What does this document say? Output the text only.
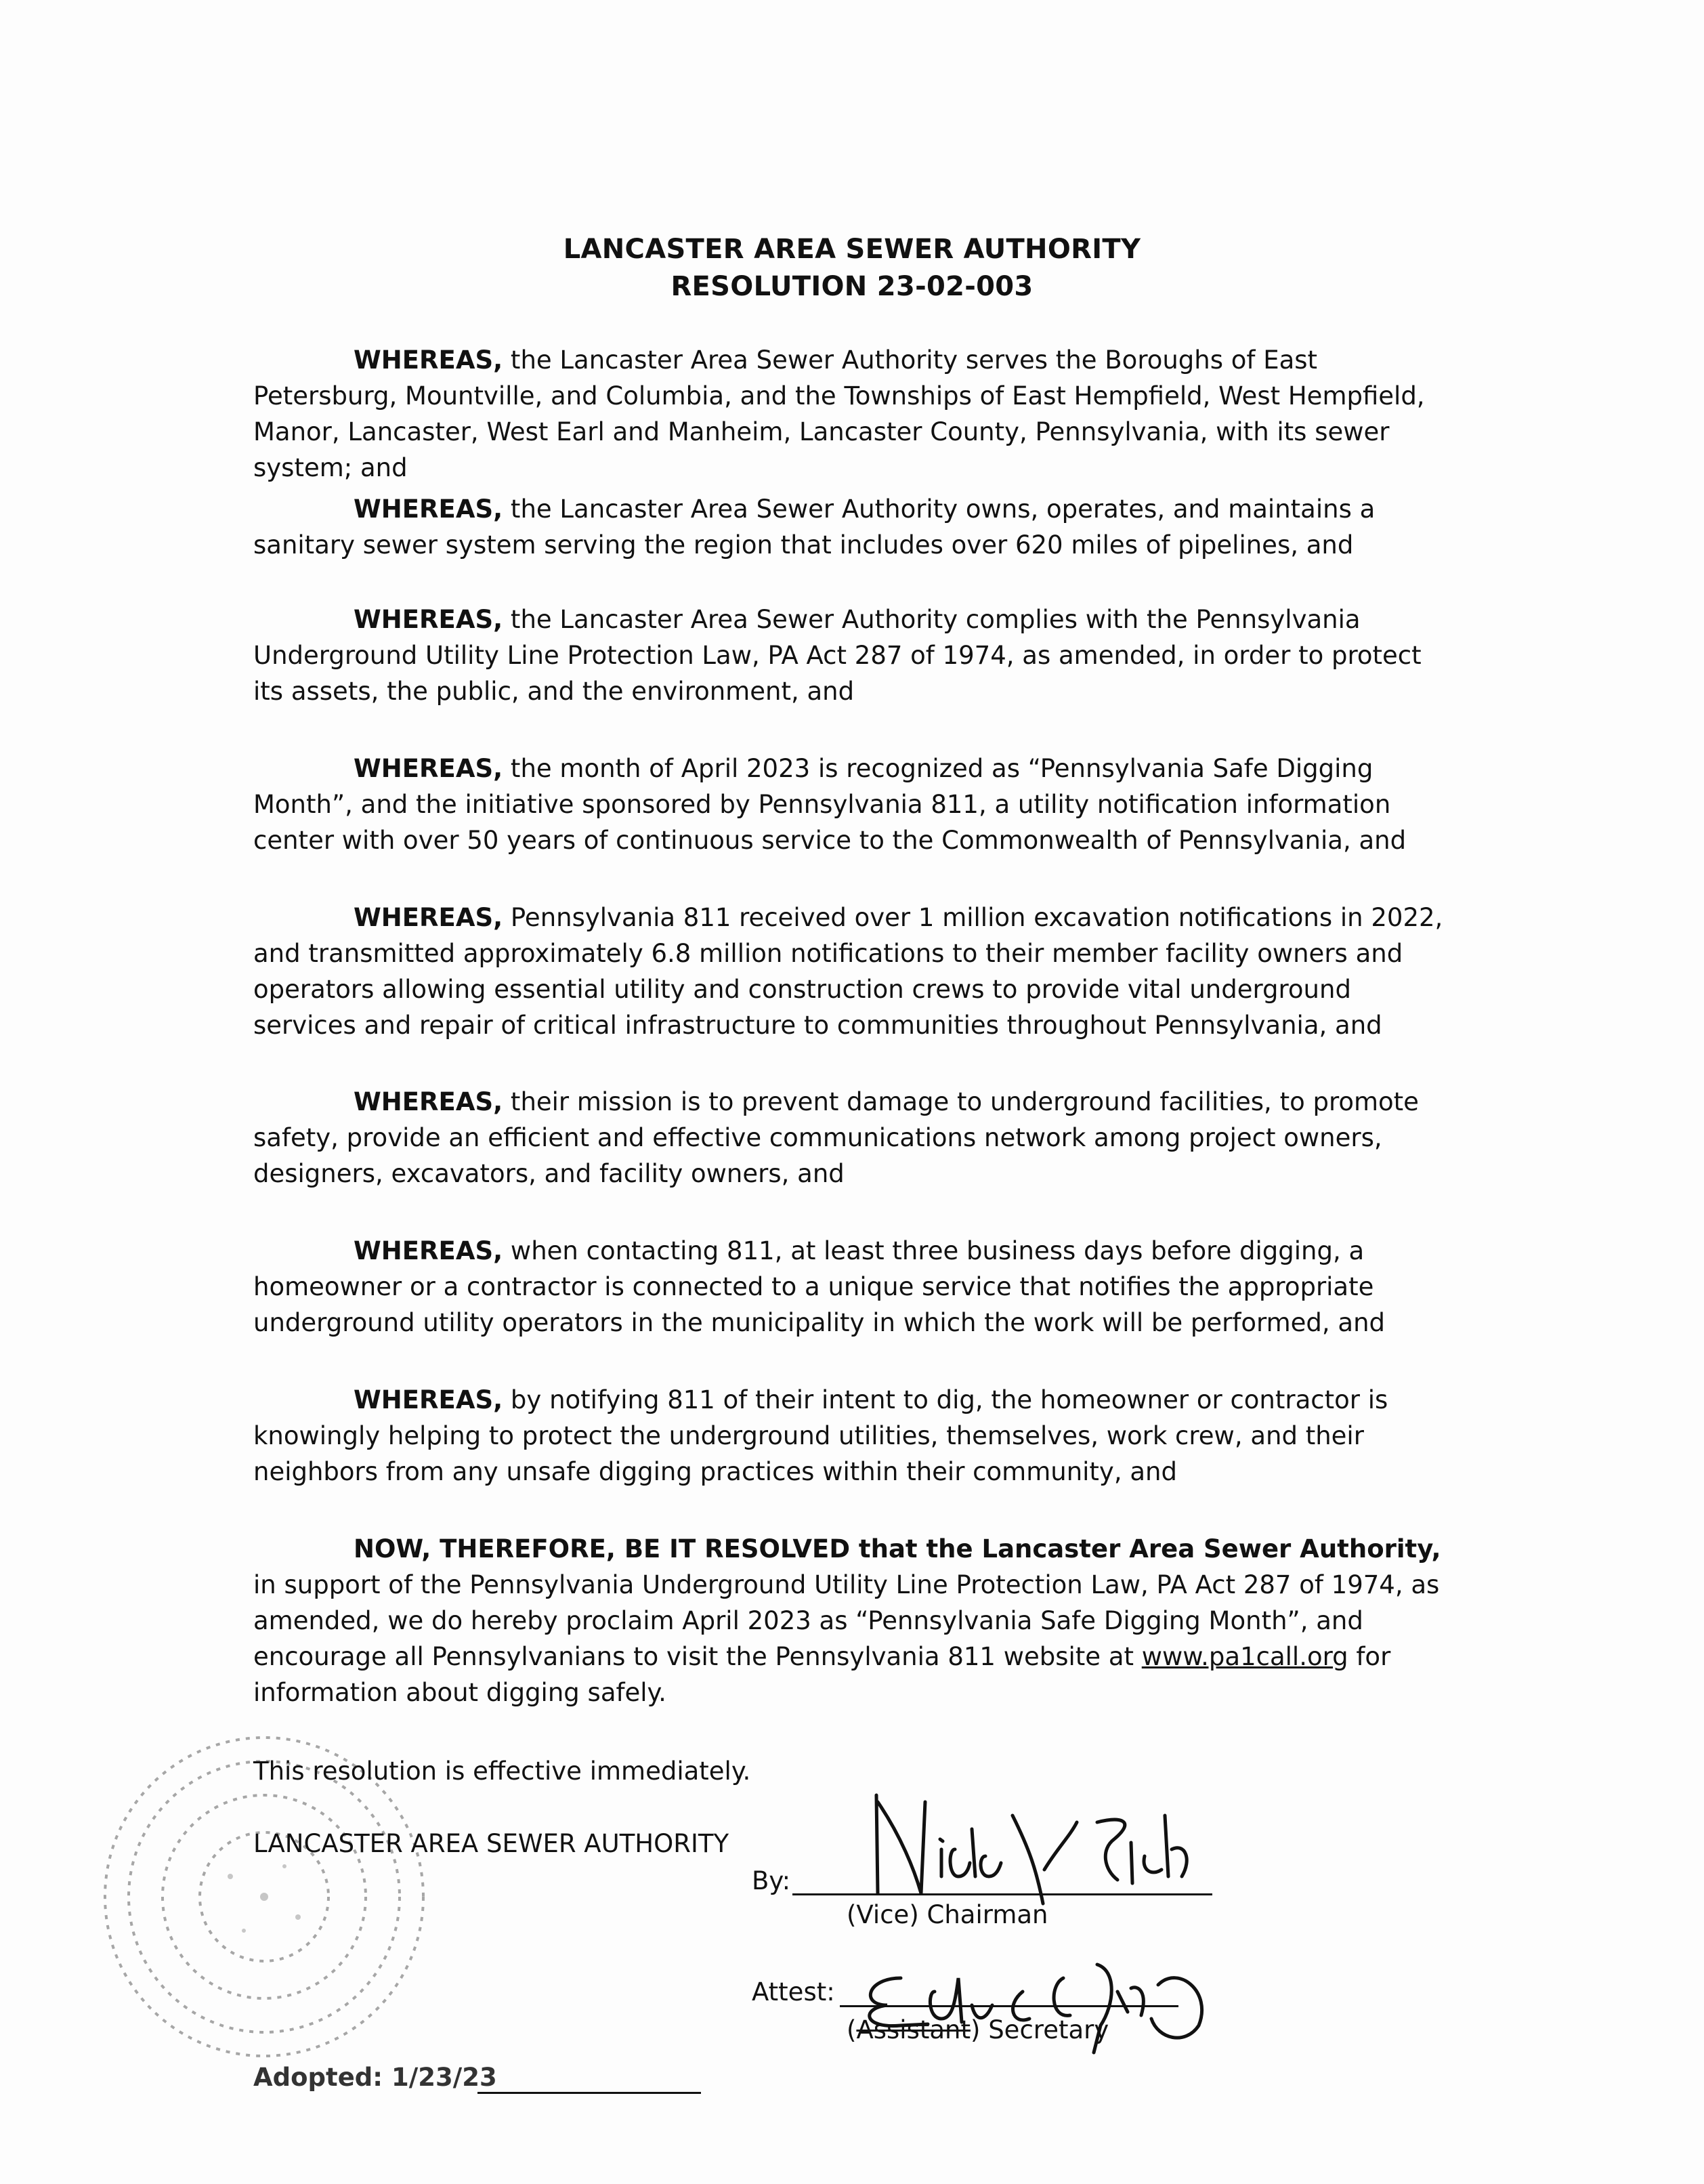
LANCASTER AREA SEWER AUTHORITY
RESOLUTION 23-02-003

WHEREAS, the Lancaster Area Sewer Authority serves the Boroughs of East Petersburg, Mountville, and Columbia, and the Townships of East Hempfield, West Hempfield, Manor, Lancaster, West Earl and Manheim, Lancaster County, Pennsylvania, with its sewer system; and

WHEREAS, the Lancaster Area Sewer Authority owns, operates, and maintains a sanitary sewer system serving the region that includes over 620 miles of pipelines, and

WHEREAS, the Lancaster Area Sewer Authority complies with the Pennsylvania Underground Utility Line Protection Law, PA Act 287 of 1974, as amended, in order to protect its assets, the public, and the environment, and

WHEREAS, the month of April 2023 is recognized as “Pennsylvania Safe Digging Month”, and the initiative sponsored by Pennsylvania 811, a utility notification information center with over 50 years of continuous service to the Commonwealth of Pennsylvania, and

WHEREAS, Pennsylvania 811 received over 1 million excavation notifications in 2022, and transmitted approximately 6.8 million notifications to their member facility owners and operators allowing essential utility and construction crews to provide vital underground services and repair of critical infrastructure to communities throughout Pennsylvania, and

WHEREAS, their mission is to prevent damage to underground facilities, to promote safety, provide an efficient and effective communications network among project owners, designers, excavators, and facility owners, and

WHEREAS, when contacting 811, at least three business days before digging, a homeowner or a contractor is connected to a unique service that notifies the appropriate underground utility operators in the municipality in which the work will be performed, and

WHEREAS, by notifying 811 of their intent to dig, the homeowner or contractor is knowingly helping to protect the underground utilities, themselves, work crew, and their neighbors from any unsafe digging practices within their community, and

NOW, THEREFORE, BE IT RESOLVED that the Lancaster Area Sewer Authority, in support of the Pennsylvania Underground Utility Line Protection Law, PA Act 287 of 1974, as amended, we do hereby proclaim April 2023 as “Pennsylvania Safe Digging Month”, and encourage all Pennsylvanians to visit the Pennsylvania 811 website at www.pa1call.org for information about digging safely.

This resolution is effective immediately.
LANCASTER AREA SEWER AUTHORITY
By:
(Vice) Chairman
Attest:
(Assistant) Secretary
Adopted: 1/23/23
